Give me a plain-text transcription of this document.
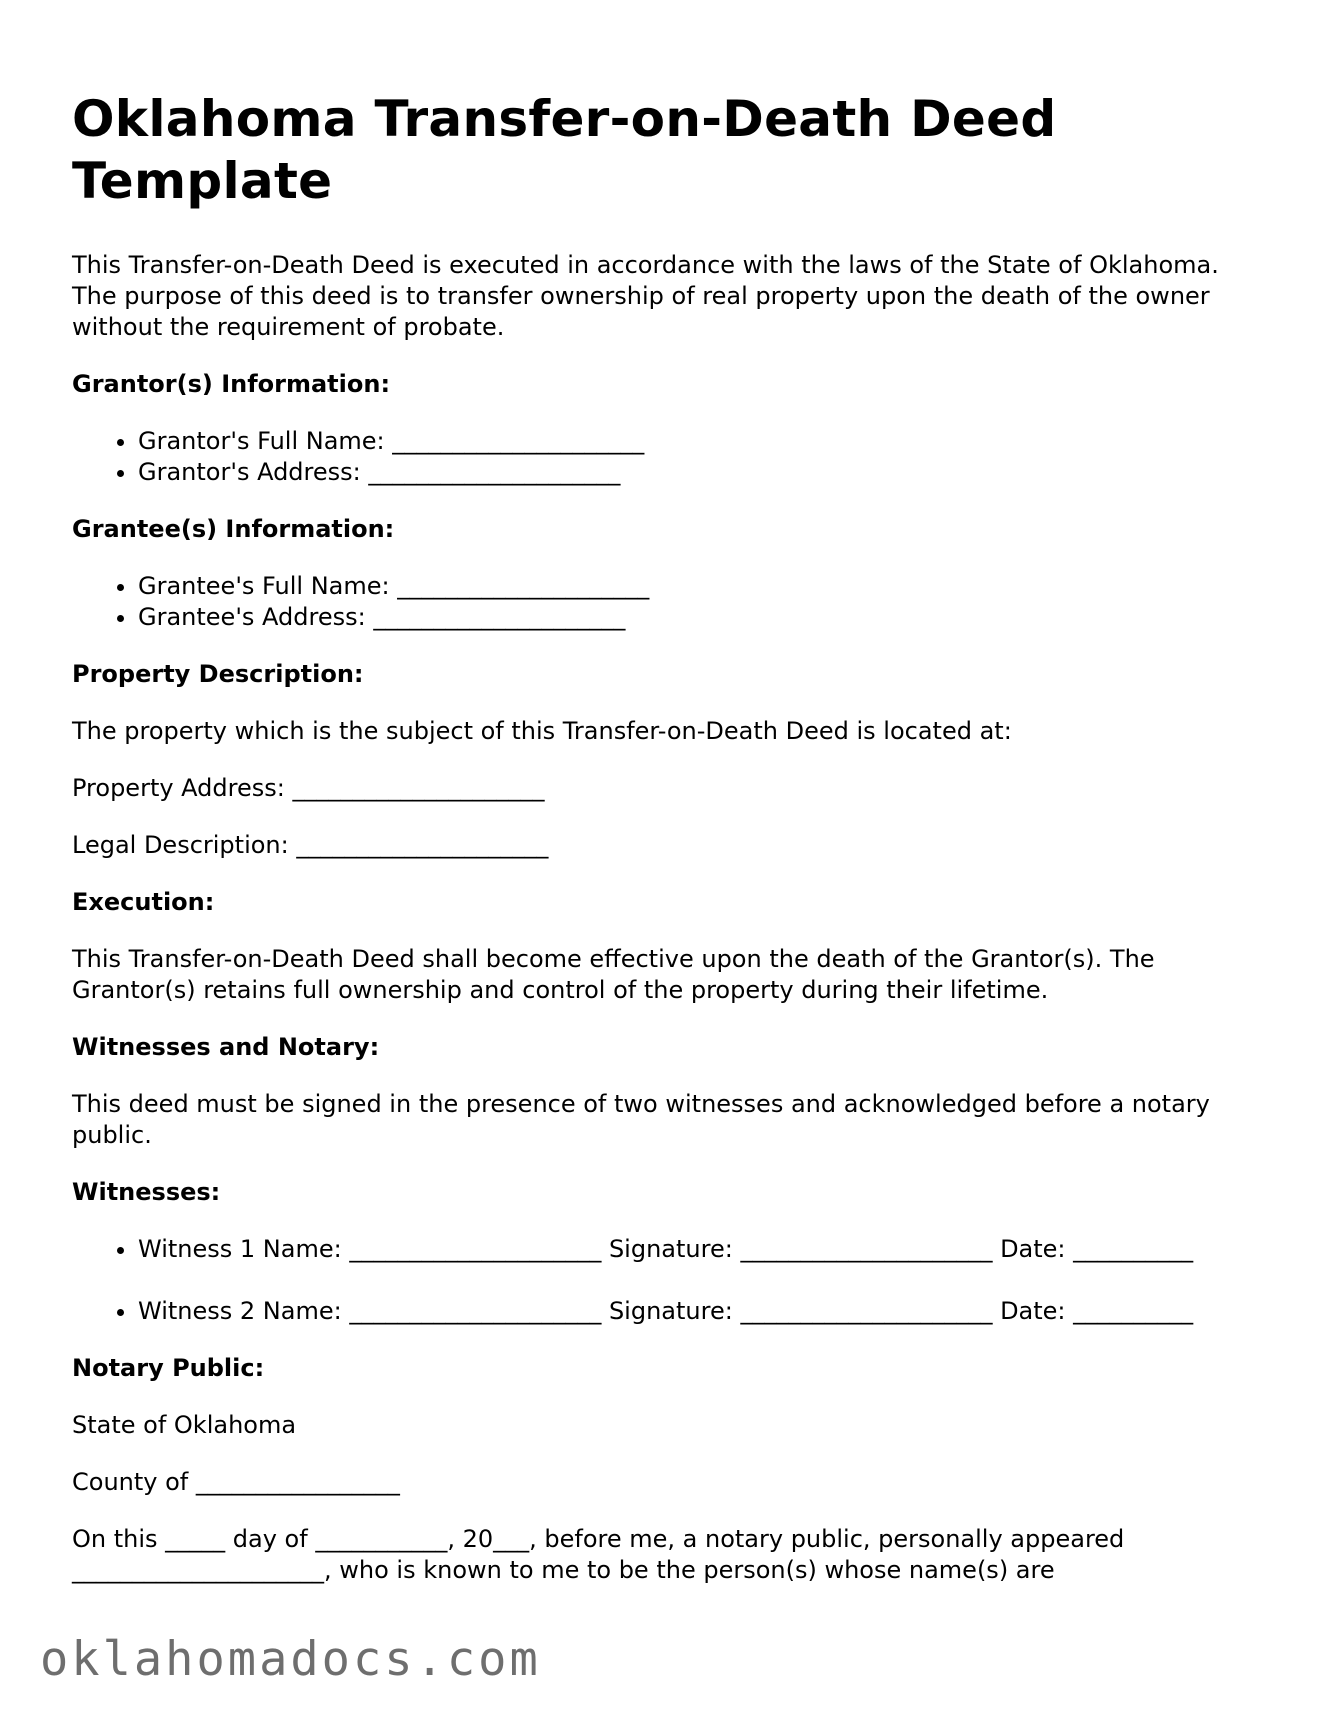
Oklahoma Transfer-on-Death Deed Template

This Transfer-on-Death Deed is executed in accordance with the laws of the State of Oklahoma. The purpose of this deed is to transfer ownership of real property upon the death of the owner without the requirement of probate.

Grantor(s) Information:
• Grantor's Full Name: _____________________
• Grantor's Address: _____________________
Grantee(s) Information:
• Grantee's Full Name: _____________________
• Grantee's Address: _____________________
Property Description:

The property which is the subject of this Transfer-on-Death Deed is located at:

Property Address: _____________________

Legal Description: _____________________

Execution:

This Transfer-on-Death Deed shall become effective upon the death of the Grantor(s). The Grantor(s) retains full ownership and control of the property during their lifetime.

Witnesses and Notary:

This deed must be signed in the presence of two witnesses and acknowledged before a notary public.

Witnesses:
• Witness 1 Name: _____________________ Signature: _____________________ Date: __________
• Witness 2 Name: _____________________ Signature: _____________________ Date: __________
Notary Public:

State of Oklahoma

County of _________________

On this _____ day of ___________, 20___, before me, a notary public, personally appeared _____________________, who is known to me to be the person(s) whose name(s) are

oklahomadocs.com
